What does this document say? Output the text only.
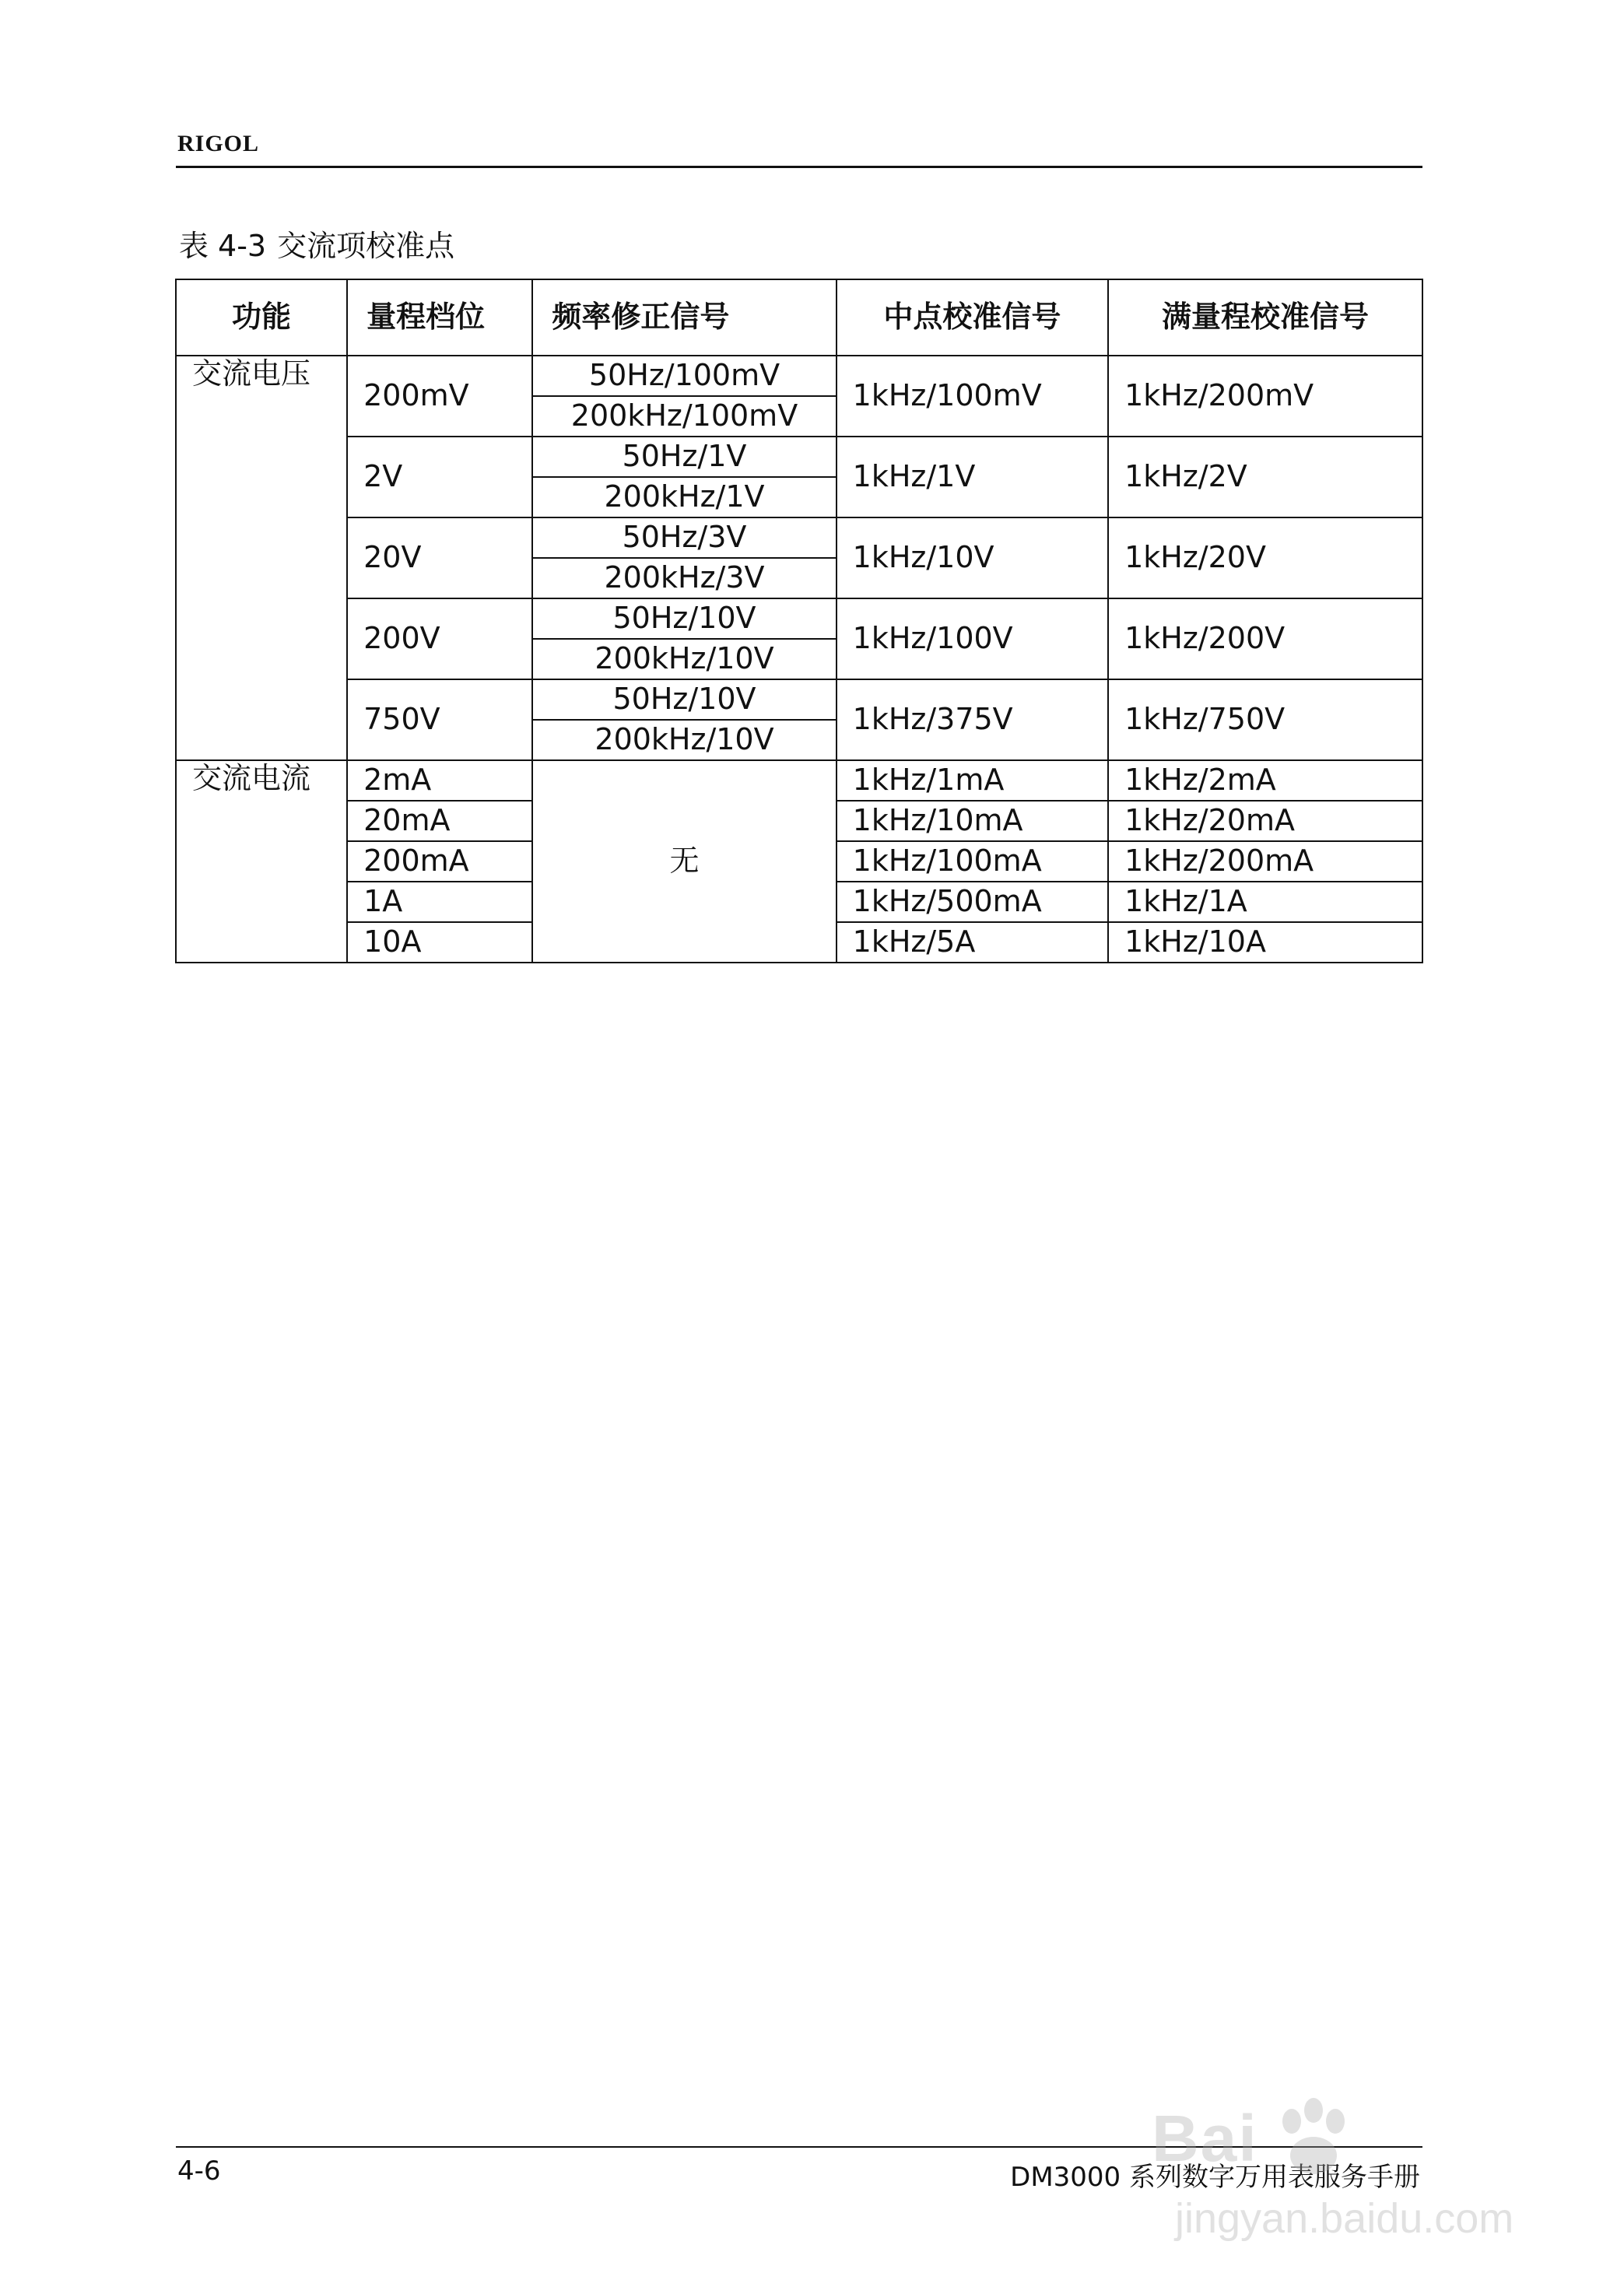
RIGOL
表 4-3 交流项校准点
功能	量程档位	频率修正信号	中点校准信号	满量程校准信号
交流电压	200mV	50Hz/100mV	1kHz/100mV	1kHz/200mV
		200kHz/100mV		
	2V	50Hz/1V	1kHz/1V	1kHz/2V
		200kHz/1V		
	20V	50Hz/3V	1kHz/10V	1kHz/20V
		200kHz/3V		
	200V	50Hz/10V	1kHz/100V	1kHz/200V
		200kHz/10V		
	750V	50Hz/10V	1kHz/375V	1kHz/750V
		200kHz/10V		
交流电流	2mA	无	1kHz/1mA	1kHz/2mA
	20mA		1kHz/10mA	1kHz/20mA
	200mA		1kHz/100mA	1kHz/200mA
	1A		1kHz/500mA	1kHz/1A
	10A		1kHz/5A	1kHz/10A
4-6	DM3000 系列数字万用表服务手册
Bai
jingyan.baidu.com
